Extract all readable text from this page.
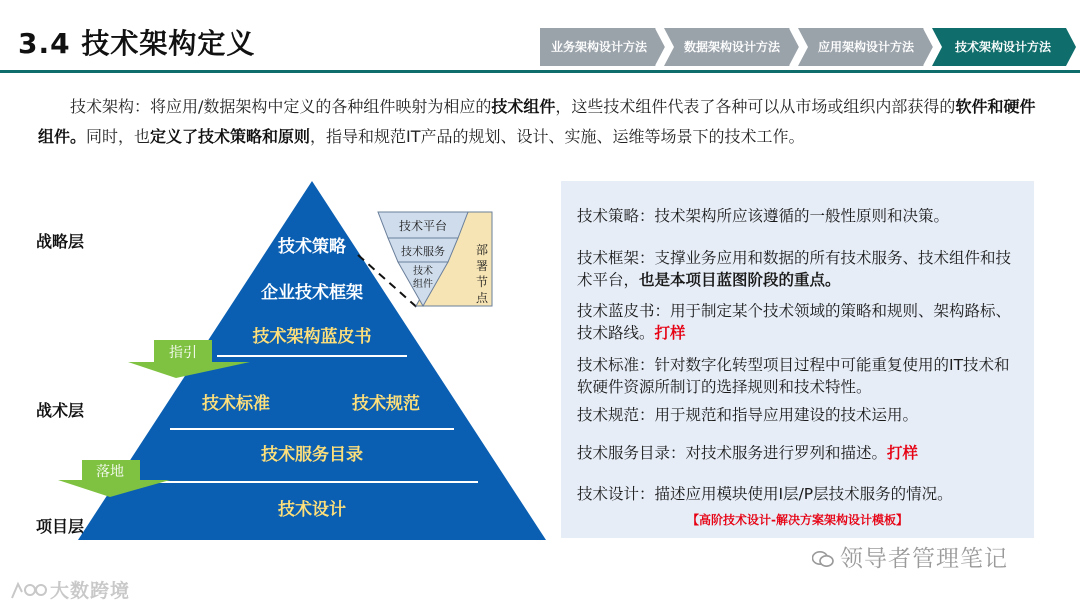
3.4 技术架构定义	业务架构设计方法	数据架构设计方法	应用架构设计方法	技术架构设计方法
技术架构：将应用/数据架构中定义的各种组件映射为相应的技术组件，这些技术组件代表了各种可以从市场或组织内部获得的软件和硬件组件。同时，也定义了技术策略和原则，指导和规范IT产品的规划、设计、实施、运维等场景下的技术工作。
战略层
战术层
项目层
技术策略
企业技术框架
技术架构蓝皮书
技术标准	技术规范
技术服务目录
技术设计
指引
落地
技术平台
技术服务
技术
组件
部
署
节
点
技术策略：技术架构所应该遵循的一般性原则和决策。
技术框架：支撑业务应用和数据的所有技术服务、技术组件和技术平台，也是本项目蓝图阶段的重点。
技术蓝皮书：用于制定某个技术领域的策略和规则、架构路标、技术路线。打样
技术标准：针对数字化转型项目过程中可能重复使用的IT技术和软硬件资源所制订的选择规则和技术特性。
技术规范：用于规范和指导应用建设的技术运用。
技术服务目录：对技术服务进行罗列和描述。打样
技术设计：描述应用模块使用I层/P层技术服务的情况。
【高阶技术设计-解决方案架构设计模板】
领导者管理笔记
大数跨境
